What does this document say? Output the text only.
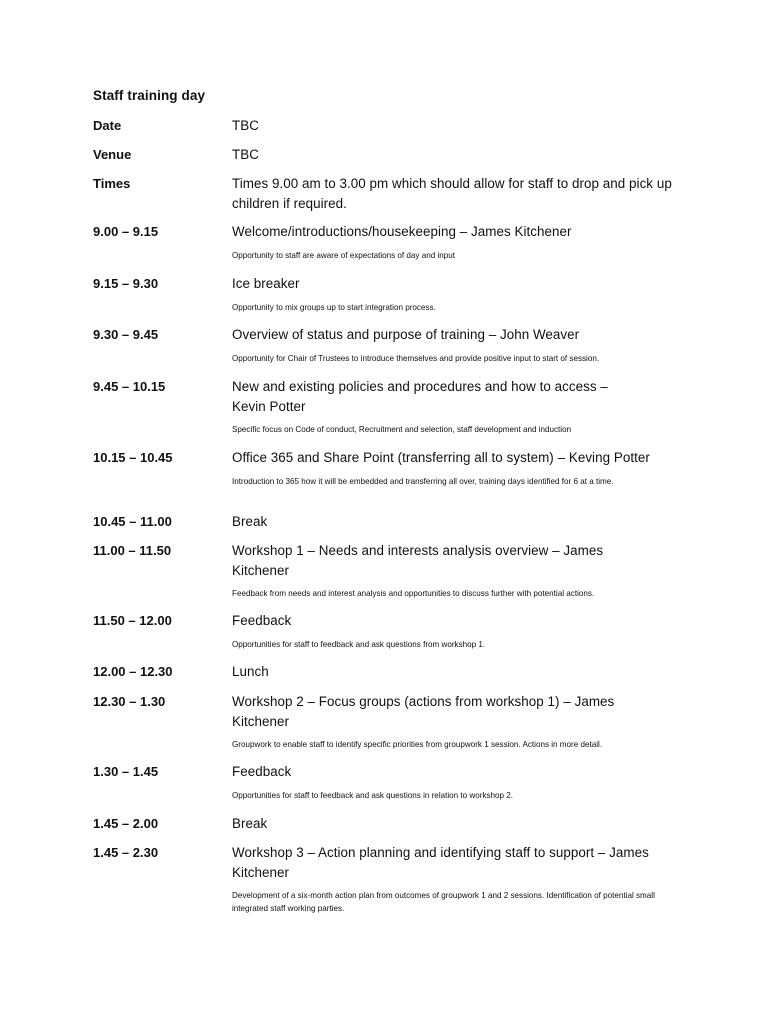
Staff training day
Date	TBC
Venue	TBC
Times	Times 9.00 am to 3.00 pm which should allow for staff to drop and pick up children if required.
9.00 – 9.15	Welcome/introductions/housekeeping – James Kitchener
Opportunity to staff are aware of expectations of day and input
9.15 – 9.30	Ice breaker
Opportunity to mix groups up to start integration process.
9.30 – 9.45	Overview of status and purpose of training – John Weaver
Opportunity for Chair of Trustees to introduce themselves and provide positive input to start of session.
9.45 – 10.15	New and existing policies and procedures and how to access – Kevin Potter
Specific focus on Code of conduct, Recruitment and selection, staff development and induction
10.15 – 10.45	Office 365 and Share Point (transferring all to system) – Keving Potter
Introduction to 365 how it will be embedded and transferring all over, training days identified for 6 at a time.
10.45 – 11.00	Break
11.00 – 11.50	Workshop 1 – Needs and interests analysis overview – James Kitchener
Feedback from needs and interest analysis and opportunities to discuss further with potential actions.
11.50 – 12.00	Feedback
Opportunities for staff to feedback and ask questions from workshop 1.
12.00 – 12.30	Lunch
12.30 – 1.30	Workshop 2 – Focus groups (actions from workshop 1) – James Kitchener
Groupwork to enable staff to identify specific priorities from groupwork 1 session. Actions in more detail.
1.30 – 1.45	Feedback
Opportunities for staff to feedback and ask questions in relation to workshop 2.
1.45 – 2.00	Break
1.45 – 2.30	Workshop 3 – Action planning and identifying staff to support – James Kitchener
Development of a six-month action plan from outcomes of groupwork 1 and 2 sessions. Identification of potential small integrated staff working parties.
